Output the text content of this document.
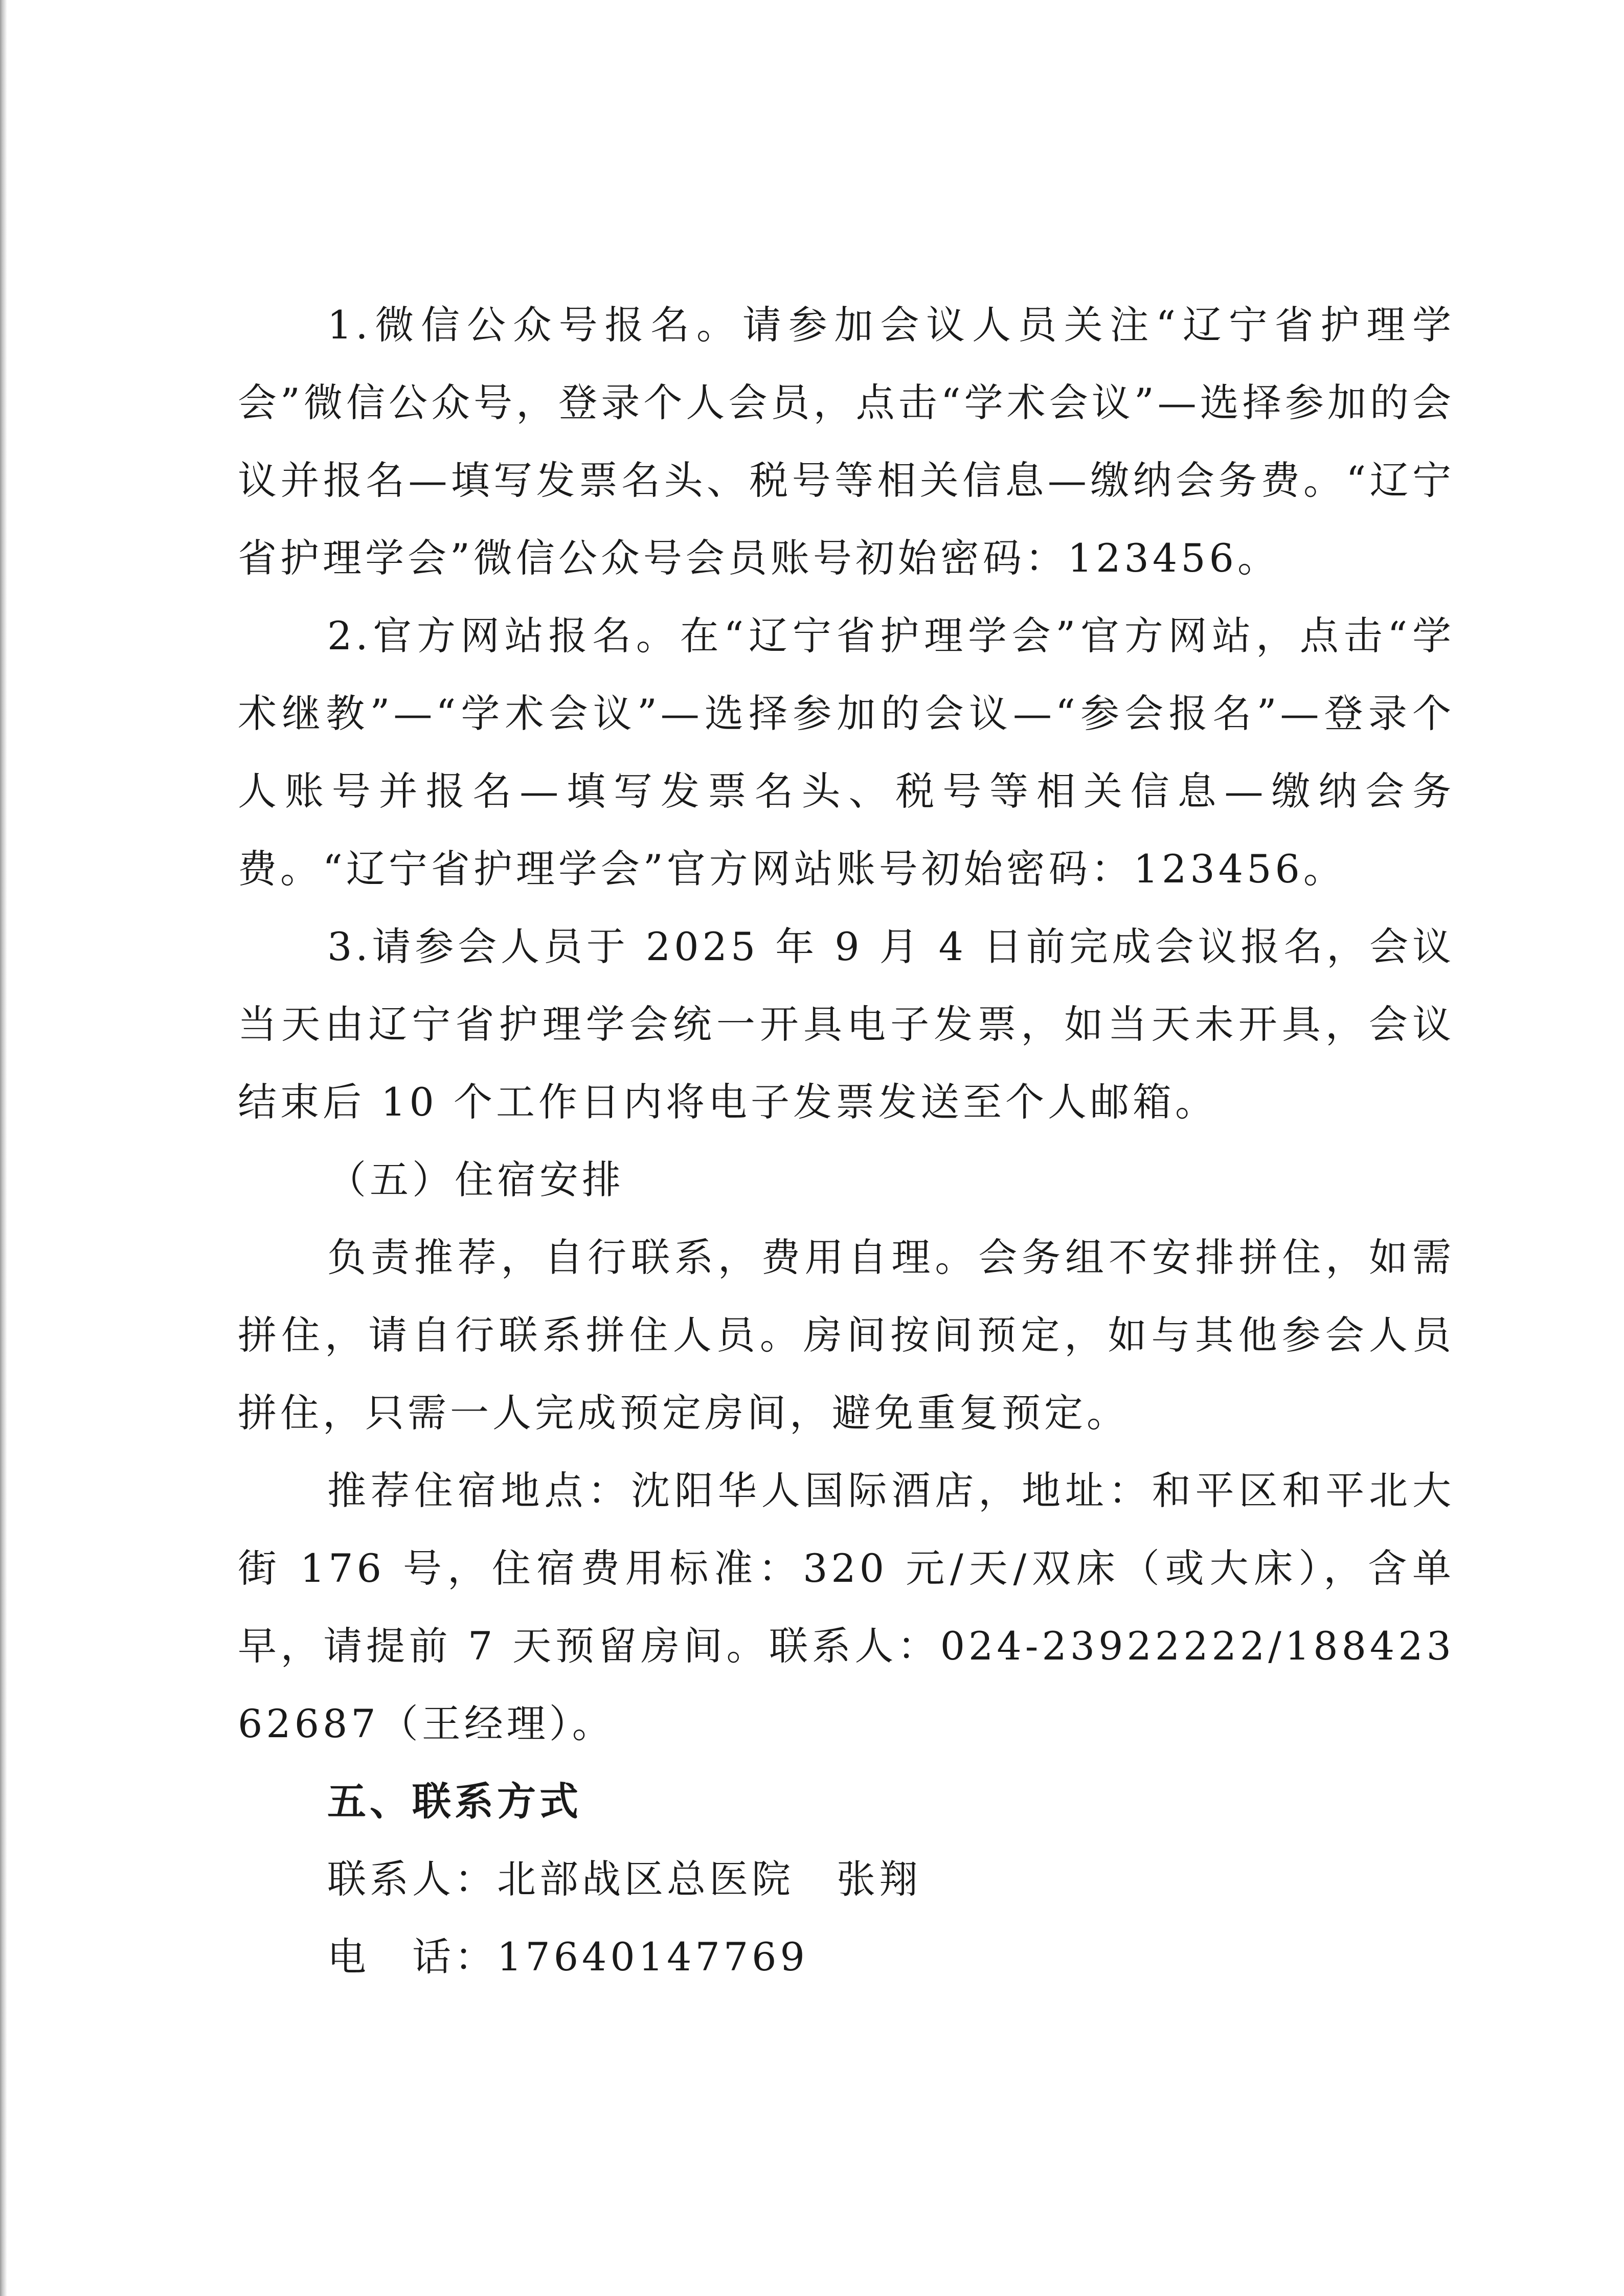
1.微信公众号报名。请参加会议人员关注“辽宁省护理学会”微信公众号，登录个人会员，点击“学术会议”—选择参加的会议并报名—填写发票名头、税号等相关信息—缴纳会务费。“辽宁省护理学会”微信公众号会员账号初始密码：123456。

2.官方网站报名。在“辽宁省护理学会”官方网站，点击“学术继教”—“学术会议”—选择参加的会议—“参会报名”—登录个人账号并报名—填写发票名头、税号等相关信息—缴纳会务费。“辽宁省护理学会”官方网站账号初始密码：123456。

3.请参会人员于 2025 年 9 月 4 日前完成会议报名，会议当天由辽宁省护理学会统一开具电子发票，如当天未开具，会议结束后 10 个工作日内将电子发票发送至个人邮箱。

（五）住宿安排

负责推荐，自行联系，费用自理。会务组不安排拼住，如需拼住，请自行联系拼住人员。房间按间预定，如与其他参会人员拼住，只需一人完成预定房间，避免重复预定。

推荐住宿地点：沈阳华人国际酒店，地址：和平区和平北大街 176 号，住宿费用标准：320 元/天/双床（或大床），含单早，请提前 7 天预留房间。联系人：024-23922222/18842362687（王经理）。

五、联系方式

联系人：北部战区总医院　张翔

电　话：17640147769
